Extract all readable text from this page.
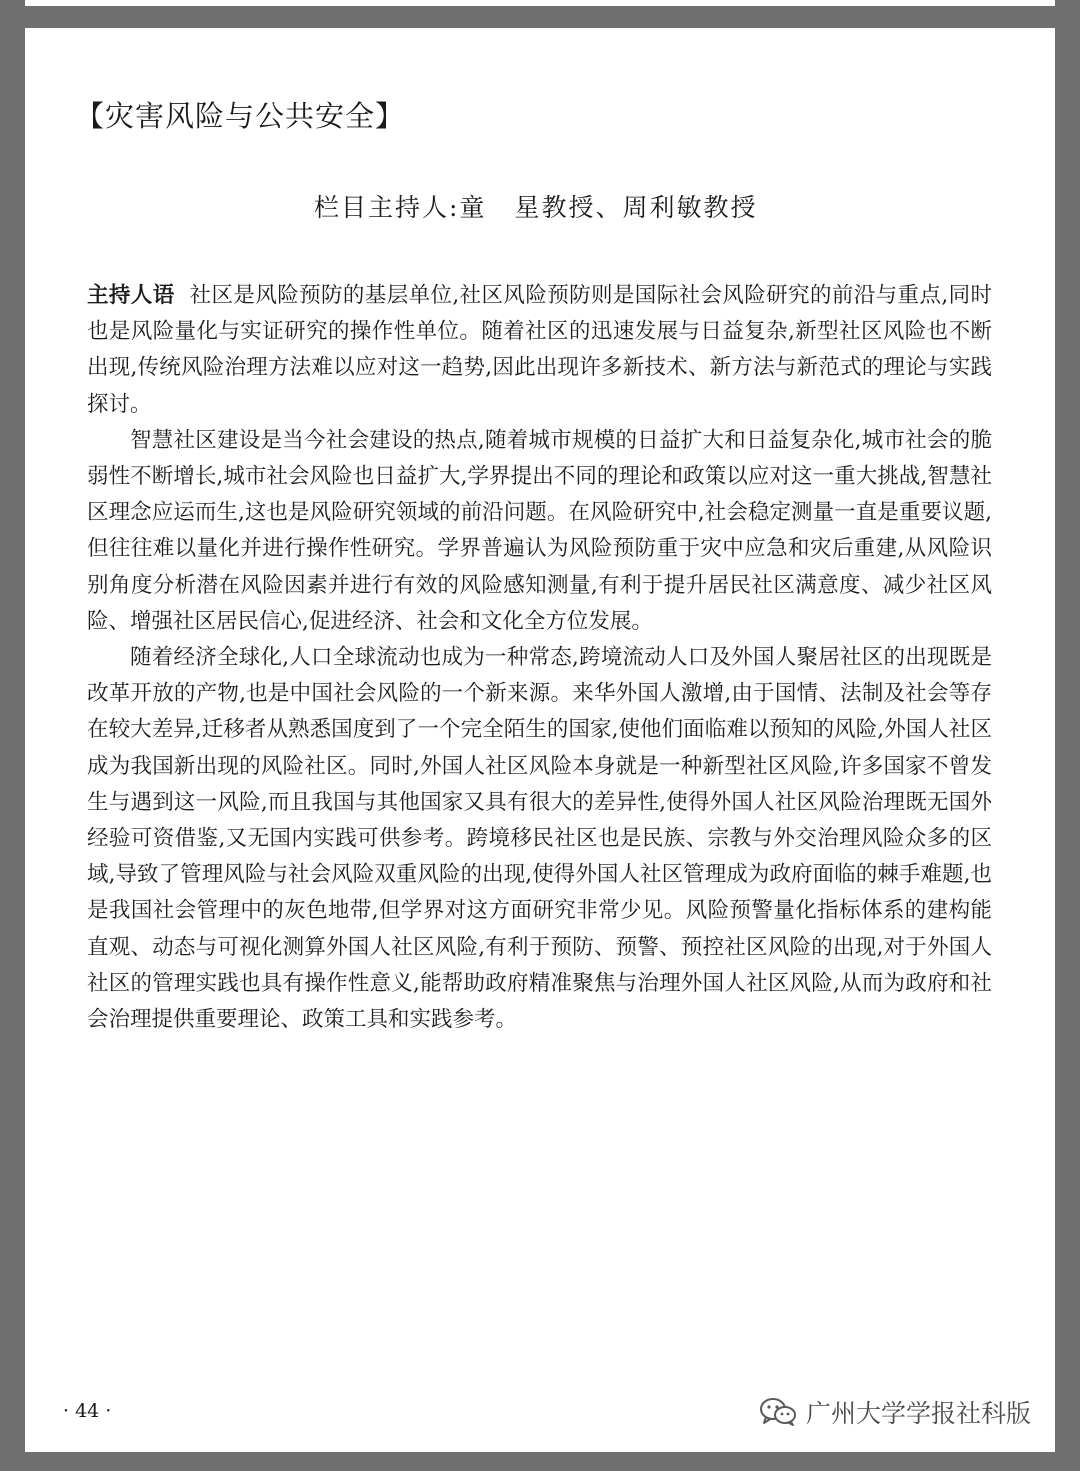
【灾害风险与公共安全】
栏目主持人:童 星教授、周利敏教授

主持人语 社区是风险预防的基层单位,社区风险预防则是国际社会风险研究的前沿与重点,同时也是风险量化与实证研究的操作性单位。随着社区的迅速发展与日益复杂,新型社区风险也不断出现,传统风险治理方法难以应对这一趋势,因此出现许多新技术、新方法与新范式的理论与实践探讨。

智慧社区建设是当今社会建设的热点,随着城市规模的日益扩大和日益复杂化,城市社会的脆弱性不断增长,城市社会风险也日益扩大,学界提出不同的理论和政策以应对这一重大挑战,智慧社区理念应运而生,这也是风险研究领域的前沿问题。在风险研究中,社会稳定测量一直是重要议题,但往往难以量化并进行操作性研究。学界普遍认为风险预防重于灾中应急和灾后重建,从风险识别角度分析潜在风险因素并进行有效的风险感知测量,有利于提升居民社区满意度、减少社区风险、增强社区居民信心,促进经济、社会和文化全方位发展。

随着经济全球化,人口全球流动也成为一种常态,跨境流动人口及外国人聚居社区的出现既是改革开放的产物,也是中国社会风险的一个新来源。来华外国人激增,由于国情、法制及社会等存在较大差异,迁移者从熟悉国度到了一个完全陌生的国家,使他们面临难以预知的风险,外国人社区成为我国新出现的风险社区。同时,外国人社区风险本身就是一种新型社区风险,许多国家不曾发生与遇到这一风险,而且我国与其他国家又具有很大的差异性,使得外国人社区风险治理既无国外经验可资借鉴,又无国内实践可供参考。跨境移民社区也是民族、宗教与外交治理风险众多的区域,导致了管理风险与社会风险双重风险的出现,使得外国人社区管理成为政府面临的棘手难题,也是我国社会管理中的灰色地带,但学界对这方面研究非常少见。风险预警量化指标体系的建构能直观、动态与可视化测算外国人社区风险,有利于预防、预警、预控社区风险的出现,对于外国人社区的管理实践也具有操作性意义,能帮助政府精准聚焦与治理外国人社区风险,从而为政府和社会治理提供重要理论、政策工具和实践参考。

· 44 ·	广州大学学报社科版
